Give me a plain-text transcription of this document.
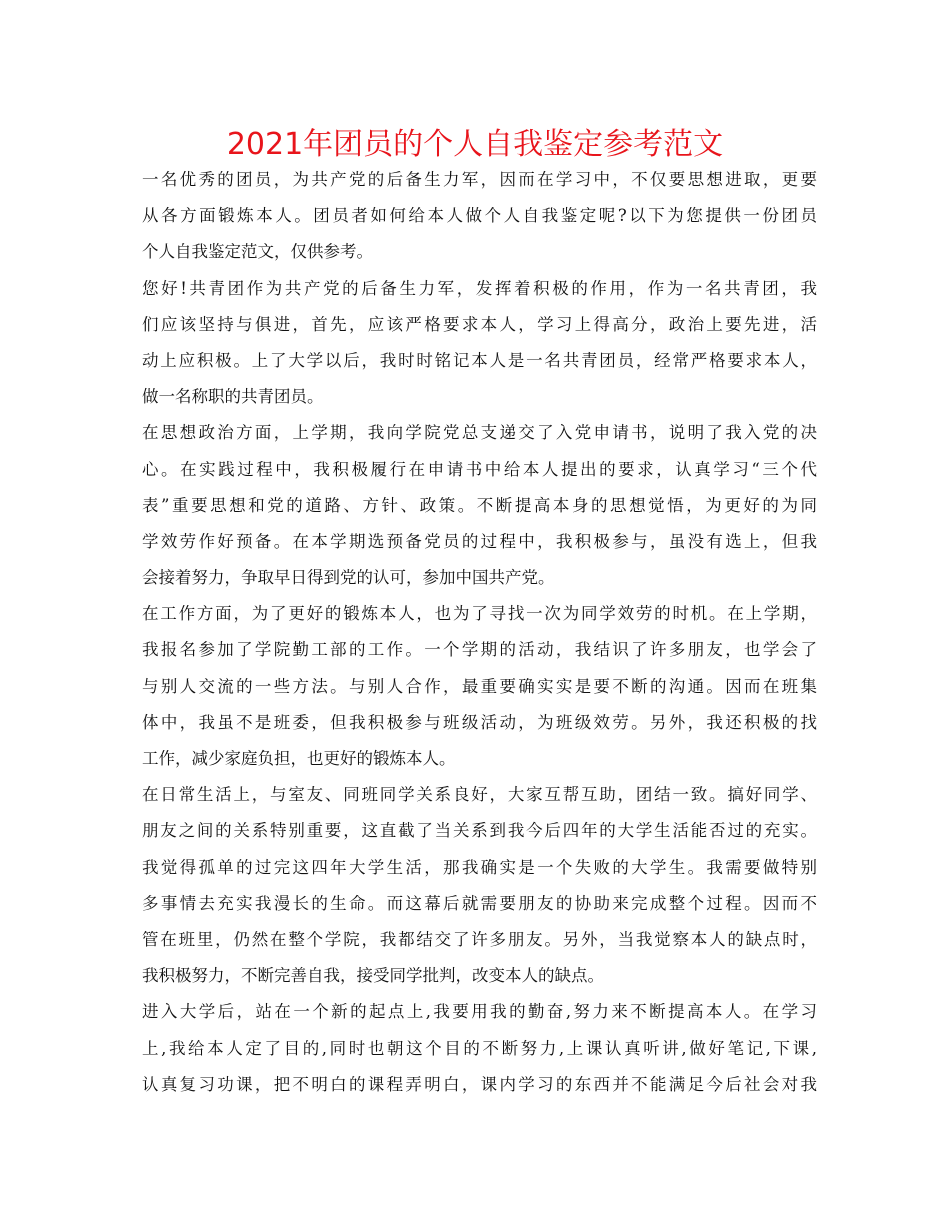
2021年团员的个人自我鉴定参考范文
一名优秀的团员，为共产党的后备生力军，因而在学习中，不仅要思想进取，更要
从各方面锻炼本人。团员者如何给本人做个人自我鉴定呢?以下为您提供一份团员
个人自我鉴定范文，仅供参考。
您好!共青团作为共产党的后备生力军，发挥着积极的作用，作为一名共青团，我
们应该坚持与俱进，首先，应该严格要求本人，学习上得高分，政治上要先进，活
动上应积极。上了大学以后，我时时铭记本人是一名共青团员，经常严格要求本人，
做一名称职的共青团员。
在思想政治方面，上学期，我向学院党总支递交了入党申请书，说明了我入党的决
心。在实践过程中，我积极履行在申请书中给本人提出的要求，认真学习“三个代
表”重要思想和党的道路、方针、政策。不断提高本身的思想觉悟，为更好的为同
学效劳作好预备。在本学期选预备党员的过程中，我积极参与，虽没有选上，但我
会接着努力，争取早日得到党的认可，参加中国共产党。
在工作方面，为了更好的锻炼本人，也为了寻找一次为同学效劳的时机。在上学期，
我报名参加了学院勤工部的工作。一个学期的活动，我结识了许多朋友，也学会了
与别人交流的一些方法。与别人合作，最重要确实实是要不断的沟通。因而在班集
体中，我虽不是班委，但我积极参与班级活动，为班级效劳。另外，我还积极的找
工作，减少家庭负担，也更好的锻炼本人。
在日常生活上，与室友、同班同学关系良好，大家互帮互助，团结一致。搞好同学、
朋友之间的关系特别重要，这直截了当关系到我今后四年的大学生活能否过的充实。
我觉得孤单的过完这四年大学生活，那我确实是一个失败的大学生。我需要做特别
多事情去充实我漫长的生命。而这幕后就需要朋友的协助来完成整个过程。因而不
管在班里，仍然在整个学院，我都结交了许多朋友。另外，当我觉察本人的缺点时，
我积极努力，不断完善自我，接受同学批判，改变本人的缺点。
进入大学后，站在一个新的起点上,我要用我的勤奋,努力来不断提高本人。在学习
上,我给本人定了目的,同时也朝这个目的不断努力,上课认真听讲,做好笔记,下课,
认真复习功课，把不明白的课程弄明白，课内学习的东西并不能满足今后社会对我
